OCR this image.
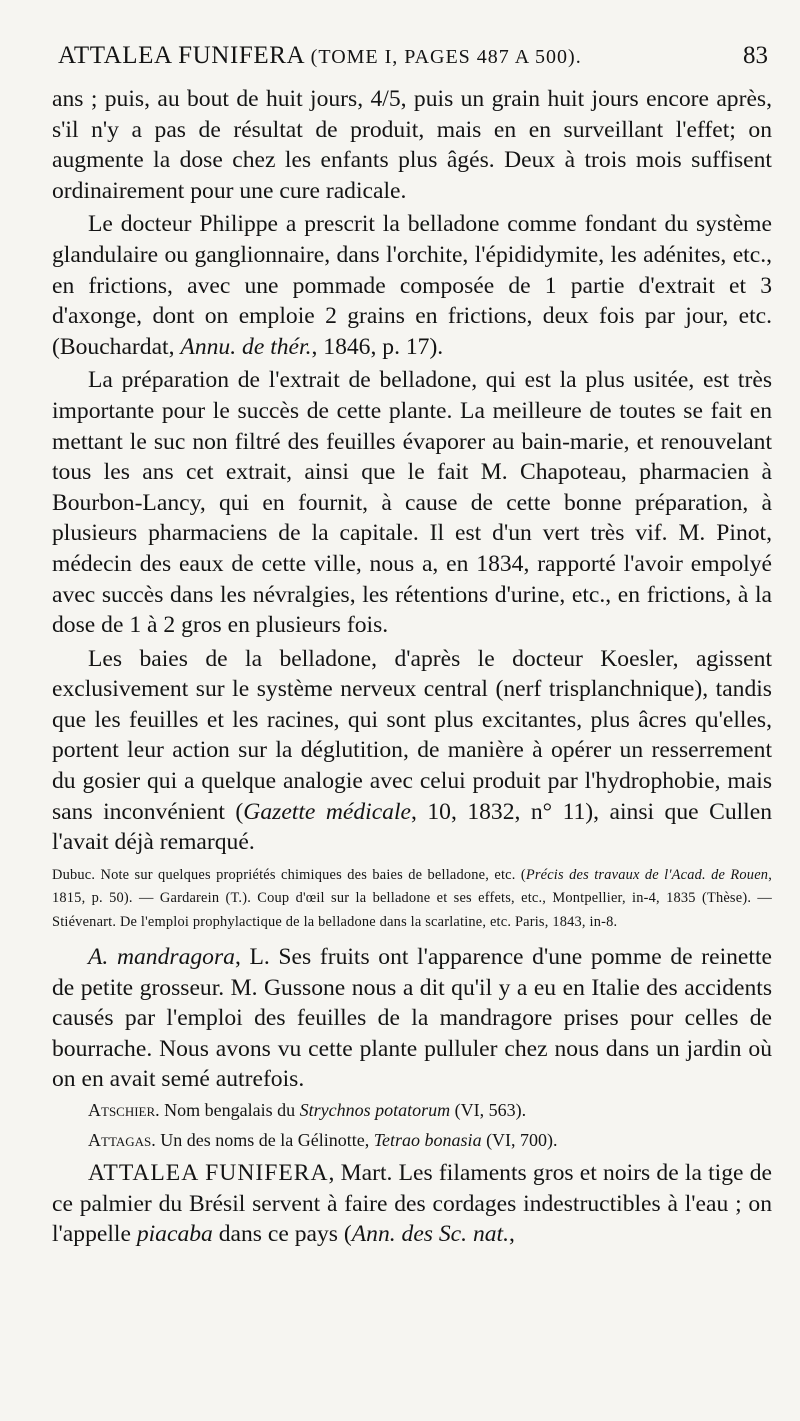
ATTALEA FUNIFERA (TOME I, PAGES 487 A 500).	83

ans ; puis, au bout de huit jours, 4/5, puis un grain huit jours encore après, s'il n'y a pas de résultat de produit, mais en en surveillant l'effet; on augmente la dose chez les enfants plus âgés. Deux à trois mois suffisent ordinairement pour une cure radicale.

Le docteur Philippe a prescrit la belladone comme fondant du système glandulaire ou ganglionnaire, dans l'orchite, l'épididymite, les adénites, etc., en frictions, avec une pommade composée de 1 partie d'extrait et 3 d'axonge, dont on emploie 2 grains en frictions, deux fois par jour, etc. (Bouchardat, Annu. de thér., 1846, p. 17).

La préparation de l'extrait de belladone, qui est la plus usitée, est très importante pour le succès de cette plante. La meilleure de toutes se fait en mettant le suc non filtré des feuilles évaporer au bain-marie, et renouvelant tous les ans cet extrait, ainsi que le fait M. Chapoteau, pharmacien à Bourbon-Lancy, qui en fournit, à cause de cette bonne préparation, à plusieurs pharmaciens de la capitale. Il est d'un vert très vif. M. Pinot, médecin des eaux de cette ville, nous a, en 1834, rapporté l'avoir empolyé avec succès dans les névralgies, les rétentions d'urine, etc., en frictions, à la dose de 1 à 2 gros en plusieurs fois.

Les baies de la belladone, d'après le docteur Koesler, agissent exclusivement sur le système nerveux central (nerf trisplanchnique), tandis que les feuilles et les racines, qui sont plus excitantes, plus âcres qu'elles, portent leur action sur la déglutition, de manière à opérer un resserrement du gosier qui a quelque analogie avec celui produit par l'hydrophobie, mais sans inconvénient (Gazette médicale, 10, 1832, n° 11), ainsi que Cullen l'avait déjà remarqué.

Dubuc. Note sur quelques propriétés chimiques des baies de belladone, etc. (Précis des travaux de l'Acad. de Rouen, 1815, p. 50). — Gardarein (T.). Coup d'œil sur la belladone et ses effets, etc., Montpellier, in-4, 1835 (Thèse). — Stiévenart. De l'emploi prophylactique de la belladone dans la scarlatine, etc. Paris, 1843, in-8.

A. mandragora, L. Ses fruits ont l'apparence d'une pomme de reinette de petite grosseur. M. Gussone nous a dit qu'il y a eu en Italie des accidents causés par l'emploi des feuilles de la mandragore prises pour celles de bourrache. Nous avons vu cette plante pulluler chez nous dans un jardin où on en avait semé autrefois.

Atschier. Nom bengalais du Strychnos potatorum (VI, 563).

Attagas. Un des noms de la Gélinotte, Tetrao bonasia (VI, 700).

ATTALEA FUNIFERA, Mart. Les filaments gros et noirs de la tige de ce palmier du Brésil servent à faire des cordages indestructibles à l'eau ; on l'appelle piacaba dans ce pays (Ann. des Sc. nat.,
